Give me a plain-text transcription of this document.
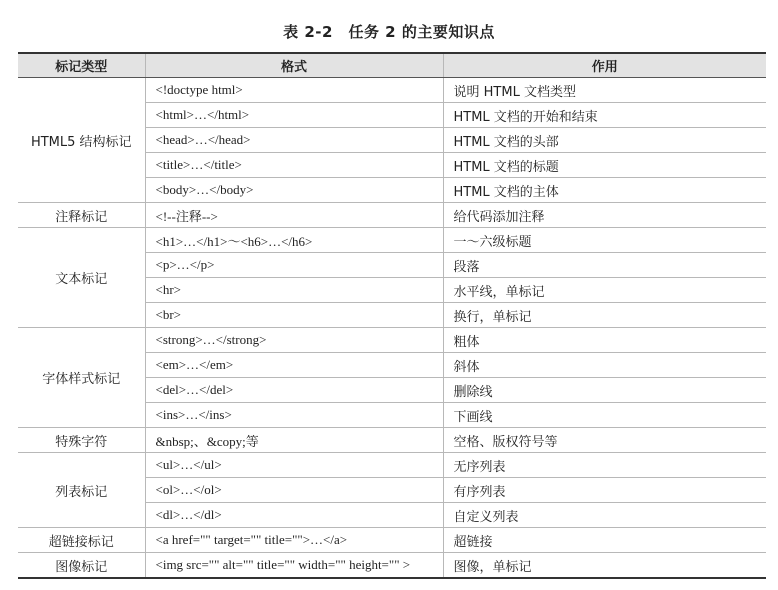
表 2-2　任务 2 的主要知识点
标记类型	格式	作用
HTML5 结构标记	<!doctype html>	说明 HTML 文档类型
	<html>…</html>	HTML 文档的开始和结束
	<head>…</head>	HTML 文档的头部
	<title>…</title>	HTML 文档的标题
	<body>…</body>	HTML 文档的主体
注释标记	<!--注释-->	给代码添加注释
文本标记	<h1>…</h1>～<h6>…</h6>	一～六级标题
	<p>…</p>	段落
	<hr>	水平线，单标记
	<br>	换行，单标记
字体样式标记	<strong>…</strong>	粗体
	<em>…</em>	斜体
	<del>…</del>	删除线
	<ins>…</ins>	下画线
特殊字符	&nbsp;、&copy;等	空格、版权符号等
列表标记	<ul>…</ul>	无序列表
	<ol>…</ol>	有序列表
	<dl>…</dl>	自定义列表
超链接标记	<a href="" target="" title="">…</a>	超链接
图像标记	<img src="" alt="" title="" width="" height="" >	图像，单标记
